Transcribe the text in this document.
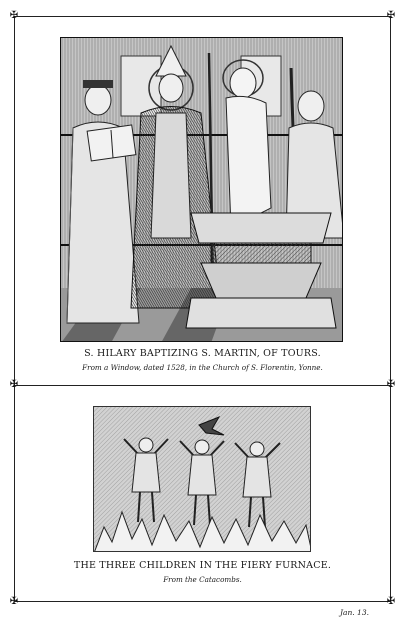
✠	✠
✠	✠
✠	✠
S. HILARY BAPTIZING S. MARTIN, OF TOURS.
From a Window, dated 1528, in the Church of S. Florentin, Yonne.
THE THREE CHILDREN IN THE FIERY FURNACE.
From the Catacombs.
Jan. 13.
